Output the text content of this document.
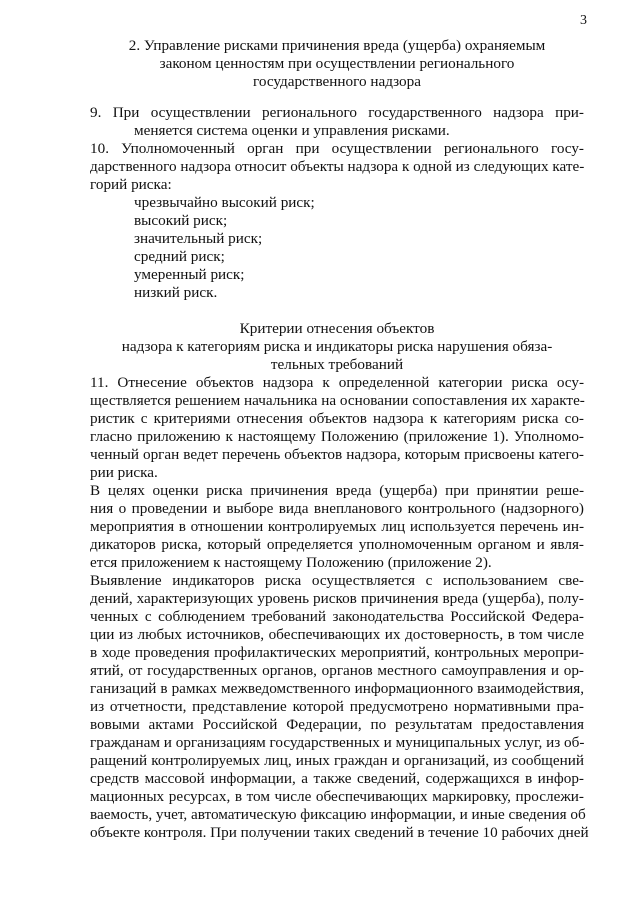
3
2. Управление рисками причинения вреда (ущерба) охраняемым
законом ценностям при осуществлении регионального
государственного надзора
9. При осуществлении регионального государственного надзора при-
меняется система оценки и управления рисками.
10. Уполномоченный орган при осуществлении регионального госу-
дарственного надзора относит объекты надзора к одной из следующих кате-
горий риска:
чрезвычайно высокий риск;
высокий риск;
значительный риск;
средний риск;
умеренный риск;
низкий риск.
Критерии отнесения объектов
надзора к категориям риска и индикаторы риска нарушения обяза-
тельных требований
11. Отнесение объектов надзора к определенной категории риска осу-
ществляется решением начальника на основании сопоставления их характе-
ристик с критериями отнесения объектов надзора к категориям риска со-
гласно приложению к настоящему Положению (приложение 1). Уполномо-
ченный орган ведет перечень объектов надзора, которым присвоены катего-
рии риска.
В целях оценки риска причинения вреда (ущерба) при принятии реше-
ния о проведении и выборе вида внепланового контрольного (надзорного)
мероприятия в отношении контролируемых лиц используется перечень ин-
дикаторов риска, который определяется уполномоченным органом и явля-
ется приложением к настоящему Положению (приложение 2).
Выявление индикаторов риска осуществляется с использованием све-
дений, характеризующих уровень рисков причинения вреда (ущерба), полу-
ченных с соблюдением требований законодательства Российской Федера-
ции из любых источников, обеспечивающих их достоверность, в том числе
в ходе проведения профилактических мероприятий, контрольных меропри-
ятий, от государственных органов, органов местного самоуправления и ор-
ганизаций в рамках межведомственного информационного взаимодействия,
из отчетности, представление которой предусмотрено нормативными пра-
вовыми актами Российской Федерации, по результатам предоставления
гражданам и организациям государственных и муниципальных услуг, из об-
ращений контролируемых лиц, иных граждан и организаций, из сообщений
средств массовой информации, а также сведений, содержащихся в инфор-
мационных ресурсах, в том числе обеспечивающих маркировку, прослежи-
ваемость, учет, автоматическую фиксацию информации, и иные сведения об
объекте контроля. При получении таких сведений в течение 10 рабочих дней
